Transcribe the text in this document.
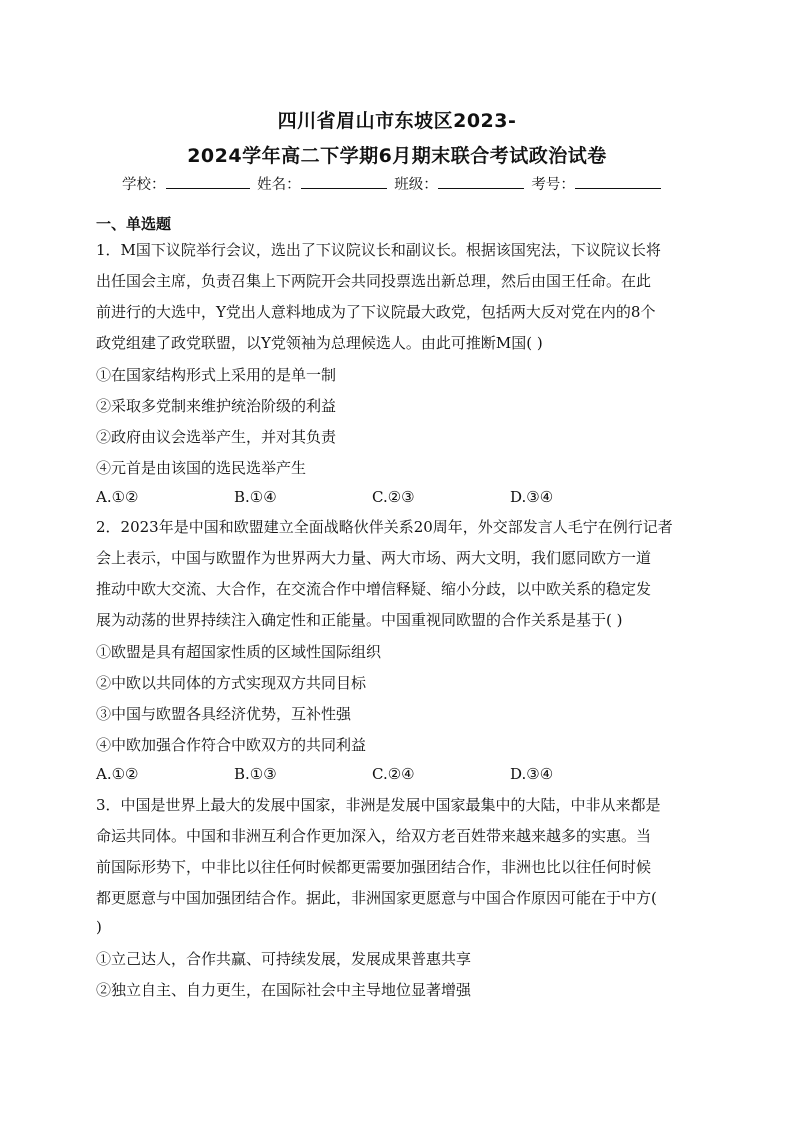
四川省眉山市东坡区2023-
2024学年高二下学期6月期末联合考试政治试卷
学校：	姓名：	班级：	考号：
一、单选题
1．M国下议院举行会议，选出了下议院议长和副议长。根据该国宪法，下议院议长将
出任国会主席，负责召集上下两院开会共同投票选出新总理，然后由国王任命。在此
前进行的大选中，Y党出人意料地成为了下议院最大政党，包括两大反对党在内的8个
政党组建了政党联盟，以Y党领袖为总理候选人。由此可推断M国( )
①在国家结构形式上采用的是单一制
②采取多党制来维护统治阶级的利益
②政府由议会选举产生，并对其负责
④元首是由该国的选民选举产生
A.①②	B.①④	C.②③	D.③④
2．2023年是中国和欧盟建立全面战略伙伴关系20周年，外交部发言人毛宁在例行记者
会上表示，中国与欧盟作为世界两大力量、两大市场、两大文明，我们愿同欧方一道
推动中欧大交流、大合作，在交流合作中增信释疑、缩小分歧，以中欧关系的稳定发
展为动荡的世界持续注入确定性和正能量。中国重视同欧盟的合作关系是基于( )
①欧盟是具有超国家性质的区域性国际组织
②中欧以共同体的方式实现双方共同目标
③中国与欧盟各具经济优势，互补性强
④中欧加强合作符合中欧双方的共同利益
A.①②	B.①③	C.②④	D.③④
3．中国是世界上最大的发展中国家，非洲是发展中国家最集中的大陆，中非从来都是
命运共同体。中国和非洲互利合作更加深入，给双方老百姓带来越来越多的实惠。当
前国际形势下，中非比以往任何时候都更需要加强团结合作，非洲也比以往任何时候
都更愿意与中国加强团结合作。据此，非洲国家更愿意与中国合作原因可能在于中方(
)
①立己达人，合作共赢、可持续发展，发展成果普惠共享
②独立自主、自力更生，在国际社会中主导地位显著增强
